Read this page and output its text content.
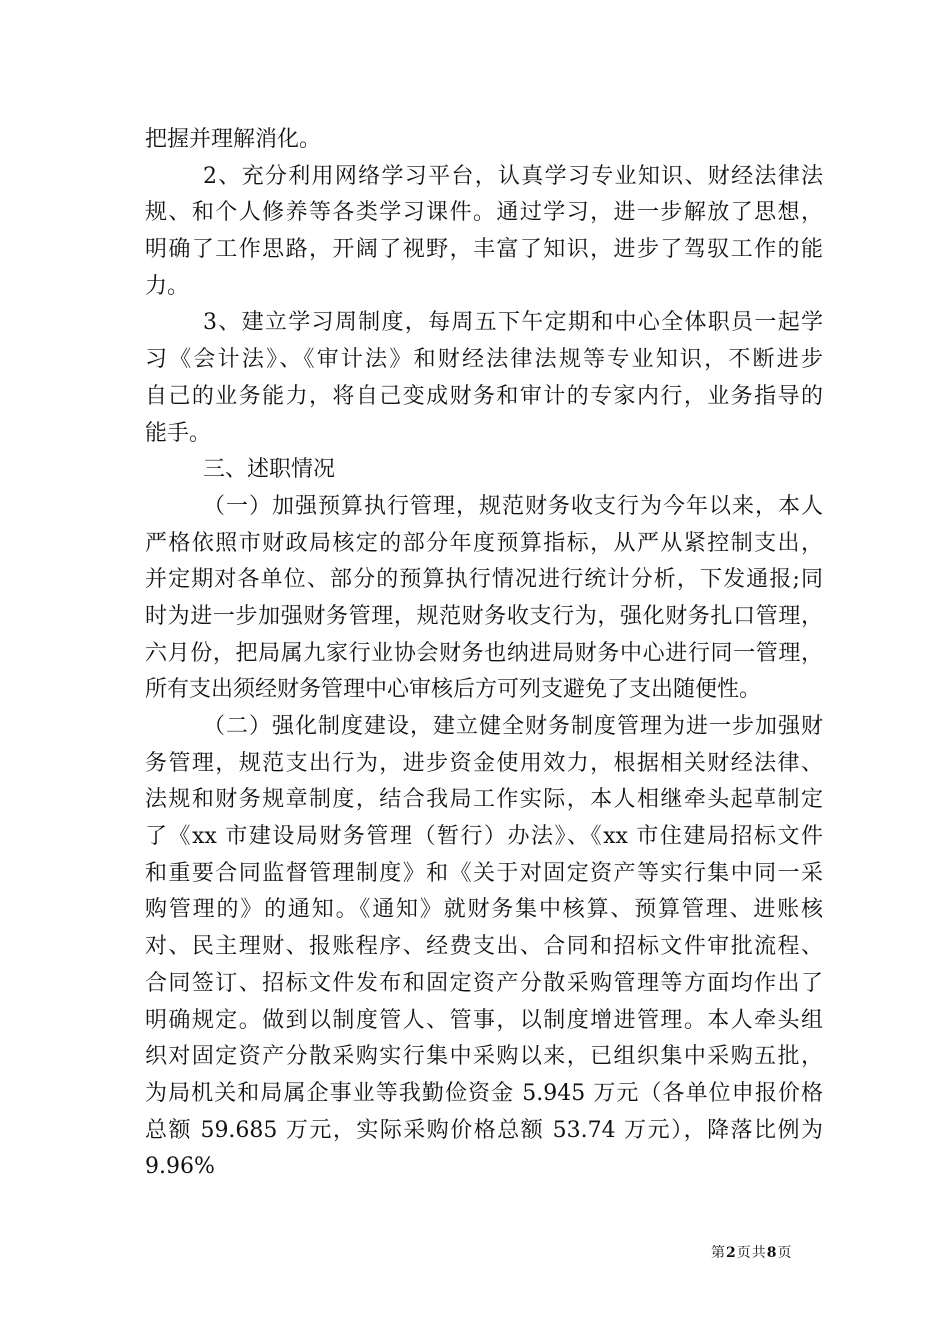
把握并理解消化。
2、充分利用网络学习平台，认真学习专业知识、财经法律法
规、和个人修养等各类学习课件。通过学习，进一步解放了思想，
明确了工作思路，开阔了视野，丰富了知识，进步了驾驭工作的能
力。
3、建立学习周制度，每周五下午定期和中心全体职员一起学
习《会计法》、《审计法》和财经法律法规等专业知识，不断进步
自己的业务能力，将自己变成财务和审计的专家内行，业务指导的
能手。
三、述职情况
（一）加强预算执行管理，规范财务收支行为今年以来，本人
严格依照市财政局核定的部分年度预算指标，从严从紧控制支出，
并定期对各单位、部分的预算执行情况进行统计分析，下发通报;同
时为进一步加强财务管理，规范财务收支行为，强化财务扎口管理，
六月份，把局属九家行业协会财务也纳进局财务中心进行同一管理，
所有支出须经财务管理中心审核后方可列支避免了支出随便性。
（二）强化制度建设，建立健全财务制度管理为进一步加强财
务管理，规范支出行为，进步资金使用效力，根据相关财经法律、
法规和财务规章制度，结合我局工作实际，本人相继牵头起草制定
了《xx 市建设局财务管理（暂行）办法》、《xx 市住建局招标文件
和重要合同监督管理制度》和《关于对固定资产等实行集中同一采
购管理的》的通知。《通知》就财务集中核算、预算管理、进账核
对、民主理财、报账程序、经费支出、合同和招标文件审批流程、
合同签订、招标文件发布和固定资产分散采购管理等方面均作出了
明确规定。做到以制度管人、管事，以制度增进管理。本人牵头组
织对固定资产分散采购实行集中采购以来，已组织集中采购五批，
为局机关和局属企事业等我勤俭资金 5.945 万元（各单位申报价格
总额 59.685 万元，实际采购价格总额 53.74 万元），降落比例为
9.96%
第2页共8页
